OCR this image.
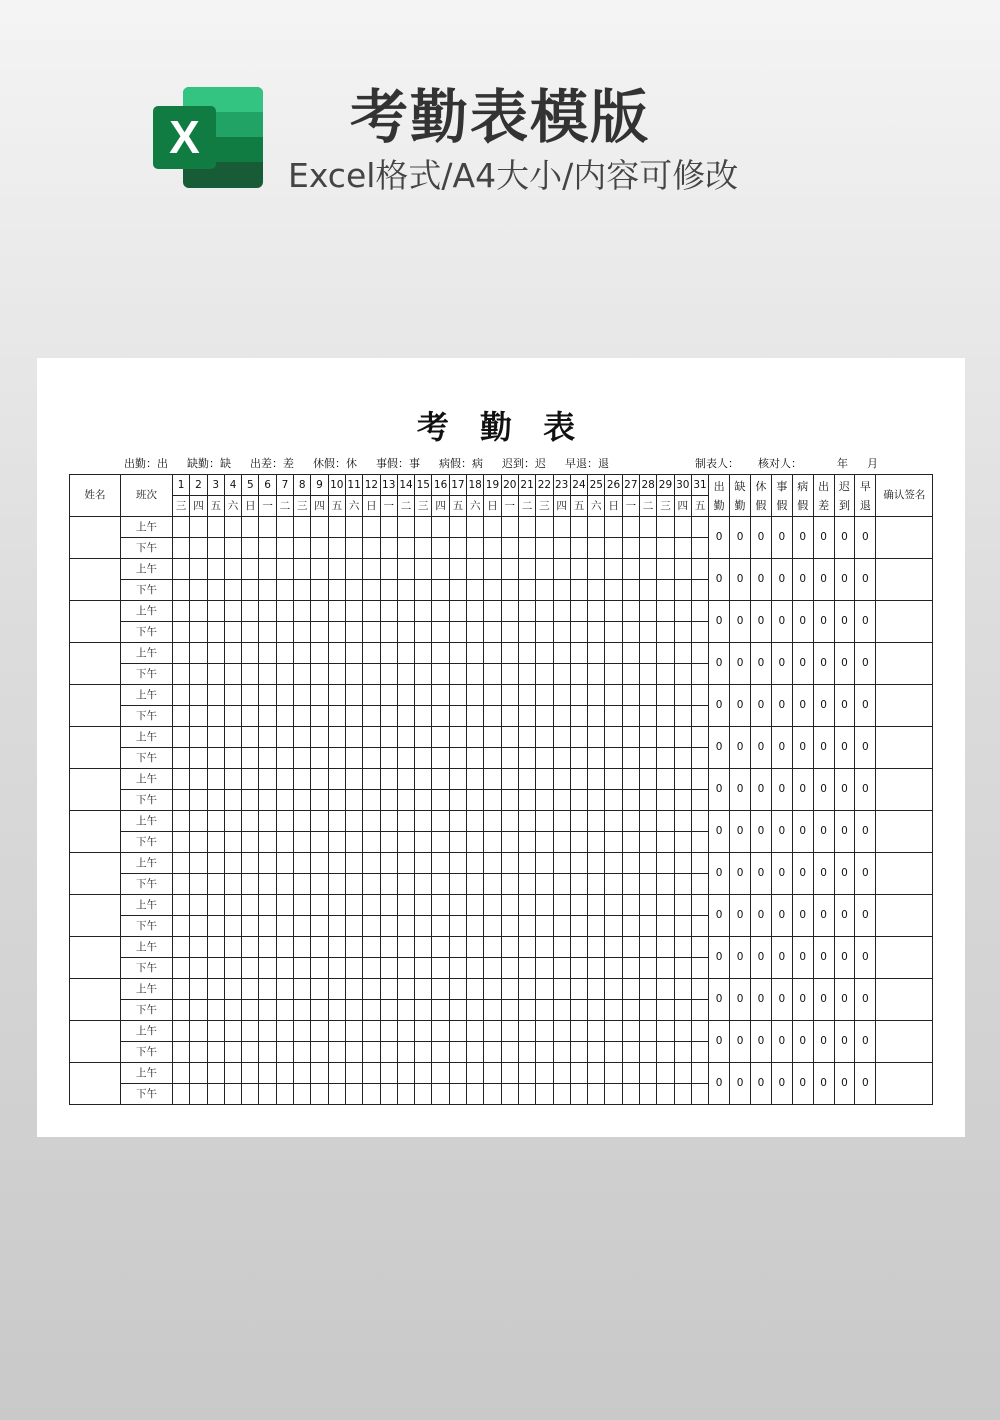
X	考勤表模版
Excel格式/A4大小/内容可修改
考 勤 表
出勤：出 缺勤：缺 出差：差 休假：休 事假：事 病假：病 迟到：迟 早退：退	制表人： 核对人：	年 月
姓名	班次	1	2	3	4	5	6	7	8	9	10	11	12	13	14	15	16	17	18	19	20	21	22	23	24	25	26	27	28	29	30	31	出勤	缺勤	休假	事假	病假	出差	迟到	早退	确认签名
		三	四	五	六	日	一	二	三	四	五	六	日	一	二	三	四	五	六	日	一	二	三	四	五	六	日	一	二	三	四	五									
	上午																																0	0	0	0	0	0	0	0	
	下午																																								
	上午																																0	0	0	0	0	0	0	0	
	下午																																								
	上午																																0	0	0	0	0	0	0	0	
	下午																																								
	上午																																0	0	0	0	0	0	0	0	
	下午																																								
	上午																																0	0	0	0	0	0	0	0	
	下午																																								
	上午																																0	0	0	0	0	0	0	0	
	下午																																								
	上午																																0	0	0	0	0	0	0	0	
	下午																																								
	上午																																0	0	0	0	0	0	0	0	
	下午																																								
	上午																																0	0	0	0	0	0	0	0	
	下午																																								
	上午																																0	0	0	0	0	0	0	0	
	下午																																								
	上午																																0	0	0	0	0	0	0	0	
	下午																																								
	上午																																0	0	0	0	0	0	0	0	
	下午																																								
	上午																																0	0	0	0	0	0	0	0	
	下午																																								
	上午																																0	0	0	0	0	0	0	0	
	下午																																								
